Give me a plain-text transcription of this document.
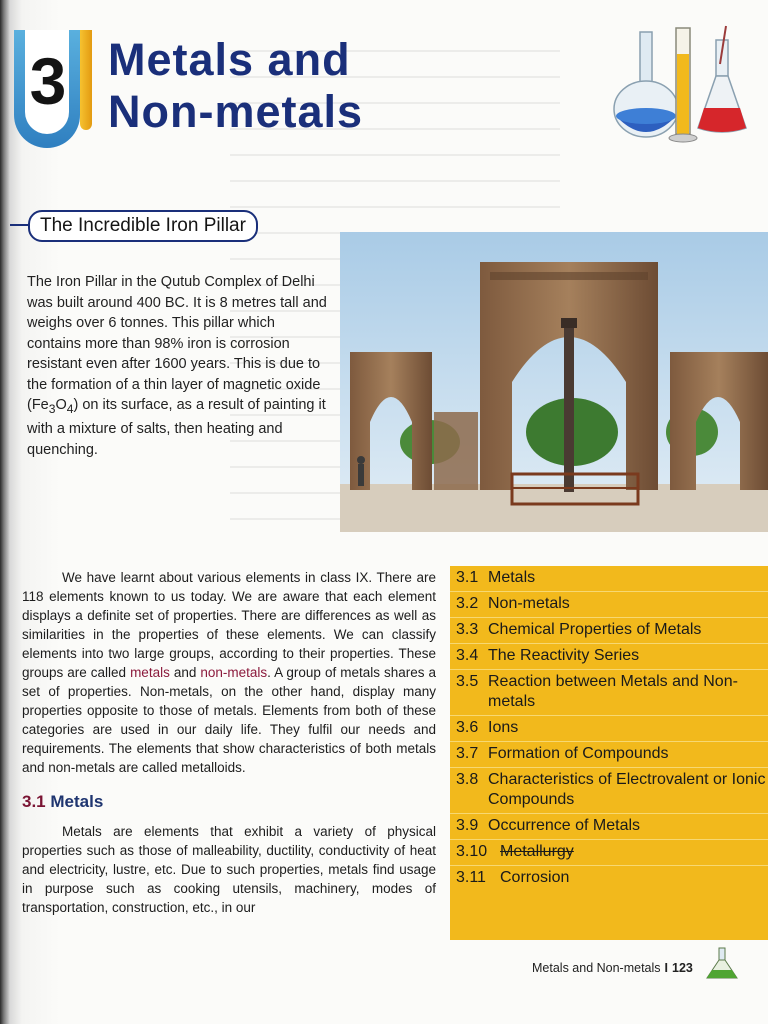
3 Metals and
Non-metals
The Incredible Iron Pillar

The Iron Pillar in the Qutub Complex of Delhi was built around 400 BC. It is 8 metres tall and weighs over 6 tonnes. This pillar which contains more than 98% iron is corrosion resistant even after 1600 years. This is due to the formation of a thin layer of magnetic oxide $(Fe_3O_4)$ on its surface, as a result of painting it with a mixture of salts, then heating and quenching.

We have learnt about various elements in class IX. There are 118 elements known to us today. We are aware that each element displays a definite set of properties. There are differences as well as similarities in the properties of these elements. We can classify elements into two large groups, according to their properties. These groups are called metals and non-metals. A group of metals shares a set of properties. Non-metals, on the other hand, display many properties opposite to those of metals. Elements from both of these categories are used in our daily life. They fulfil our needs and requirements. The elements that show characteristics of both metals and non-metals are called metalloids.

3.1 Metals

Metals are elements that exhibit a variety of physical properties such as those of malleability, ductility, conductivity of heat and electricity, lustre, etc. Due to such properties, metals find usage in purpose such as cooking utensils, machinery, modes of transportation, construction, etc., in our

3.1 Metals
3.2 Non-metals
3.3 Chemical Properties of Metals
3.4 The Reactivity Series
3.5 Reaction between Metals and Non-metals
3.6 Ions
3.7 Formation of Compounds
3.8 Characteristics of Electrovalent or Ionic Compounds
3.9 Occurrence of Metals
3.10 Metallurgy
3.11 Corrosion
Metals and Non-metals I 123
